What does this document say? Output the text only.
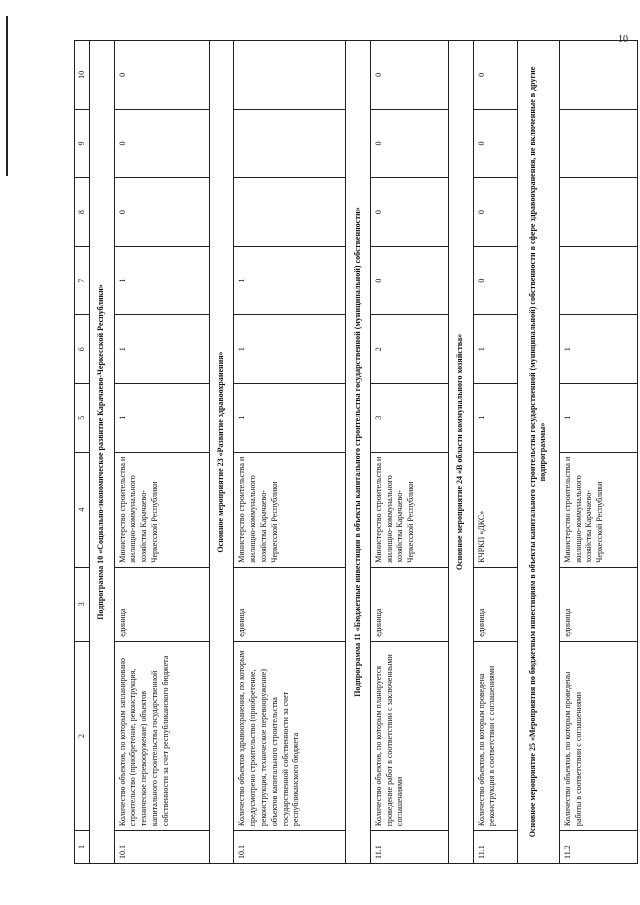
10
1	2	3	4	5	6	7	8	9	10
Подпрограмма 10 «Социально-экономическое развитие Карачаево-Черкесской Республики»									
10.1	Количество объектов, по которым запланировано строительство (приобретение, реконструкция, техническое перевооружение) объектов капитального строительства государственной собственности за счет республиканского бюджета	единица	Министерство строительства и жилищно-коммунального хозяйства Карачаево-Черкесской Республики	1	1	1	0	0	0
Основное мероприятие 23 «Развитие здравоохранения»									
10.1	Количество объектов здравоохранения, по которым предусмотрено строительство (приобретение, реконструкция, техническое перевооружение) объектов капитального строительства государственной собственности за счет республиканского бюджета	единица	Министерство строительства и жилищно-коммунального хозяйства Карачаево-Черкесской Республики	1	1	1			
Подпрограмма 11 «Бюджетные инвестиции в объекты капитального строительства государственной (муниципальной) собственности»									
11.1	Количество объектов, по которым планируется проведение работ в соответствии с заключенными соглашениями	единица	Министерство строительства и жилищно-коммунального хозяйства Карачаево-Черкесской Республики	3	2	0	0	0	0
Основное мероприятие 24 «В области коммунального хозяйства»									
11.1	Количество объектов, по которым проведена реконструкция в соответствии с соглашениями	единица	КЧРКП «ДКС»	1	1	0	0	0	0
Основное мероприятие 25 «Мероприятия по бюджетным инвестициям в объекты капитального строительства государственной (муниципальной) собственности в сфере здравоохранения, не включенные в другие подпрограммы»									
11.2	Количество объектов, по которым проведены работы в соответствии с соглашениями	единица	Министерство строительства и жилищно-коммунального хозяйства Карачаево-Черкесской Республики	1	1				
